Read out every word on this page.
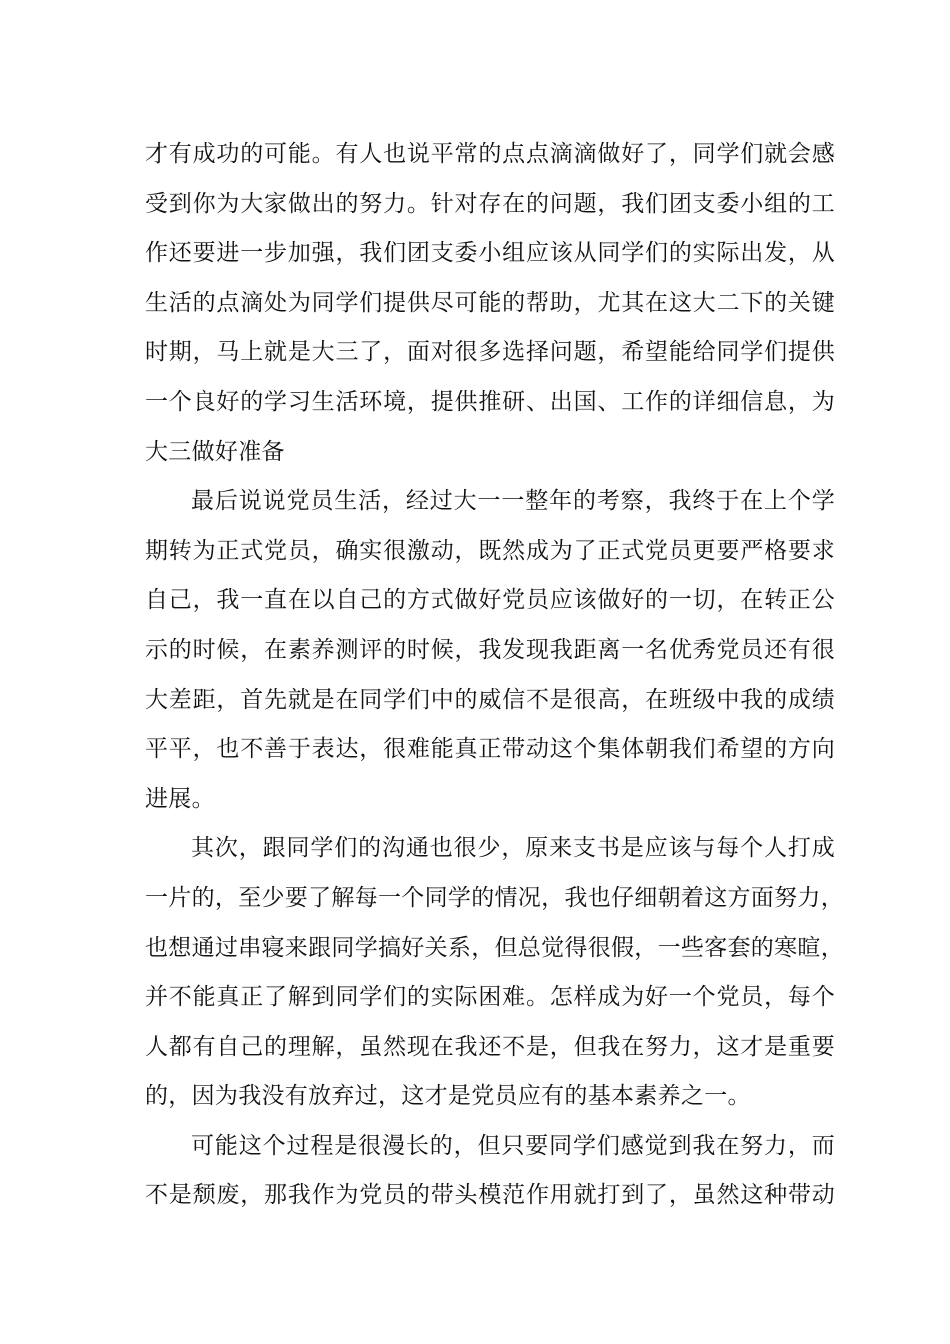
才有成功的可能。有人也说平常的点点滴滴做好了，同学们就会感
受到你为大家做出的努力。针对存在的问题，我们团支委小组的工
作还要进一步加强，我们团支委小组应该从同学们的实际出发，从
生活的点滴处为同学们提供尽可能的帮助，尤其在这大二下的关键
时期，马上就是大三了，面对很多选择问题，希望能给同学们提供
一个良好的学习生活环境，提供推研、出国、工作的详细信息，为
大三做好准备
最后说说党员生活，经过大一一整年的考察，我终于在上个学
期转为正式党员，确实很激动，既然成为了正式党员更要严格要求
自己，我一直在以自己的方式做好党员应该做好的一切，在转正公
示的时候，在素养测评的时候，我发现我距离一名优秀党员还有很
大差距，首先就是在同学们中的威信不是很高，在班级中我的成绩
平平，也不善于表达，很难能真正带动这个集体朝我们希望的方向
进展。
其次，跟同学们的沟通也很少，原来支书是应该与每个人打成
一片的，至少要了解每一个同学的情况，我也仔细朝着这方面努力，
也想通过串寝来跟同学搞好关系，但总觉得很假，一些客套的寒暄，
并不能真正了解到同学们的实际困难。怎样成为好一个党员，每个
人都有自己的理解，虽然现在我还不是，但我在努力，这才是重要
的，因为我没有放弃过，这才是党员应有的基本素养之一。
可能这个过程是很漫长的，但只要同学们感觉到我在努力，而
不是颓废，那我作为党员的带头模范作用就打到了，虽然这种带动
